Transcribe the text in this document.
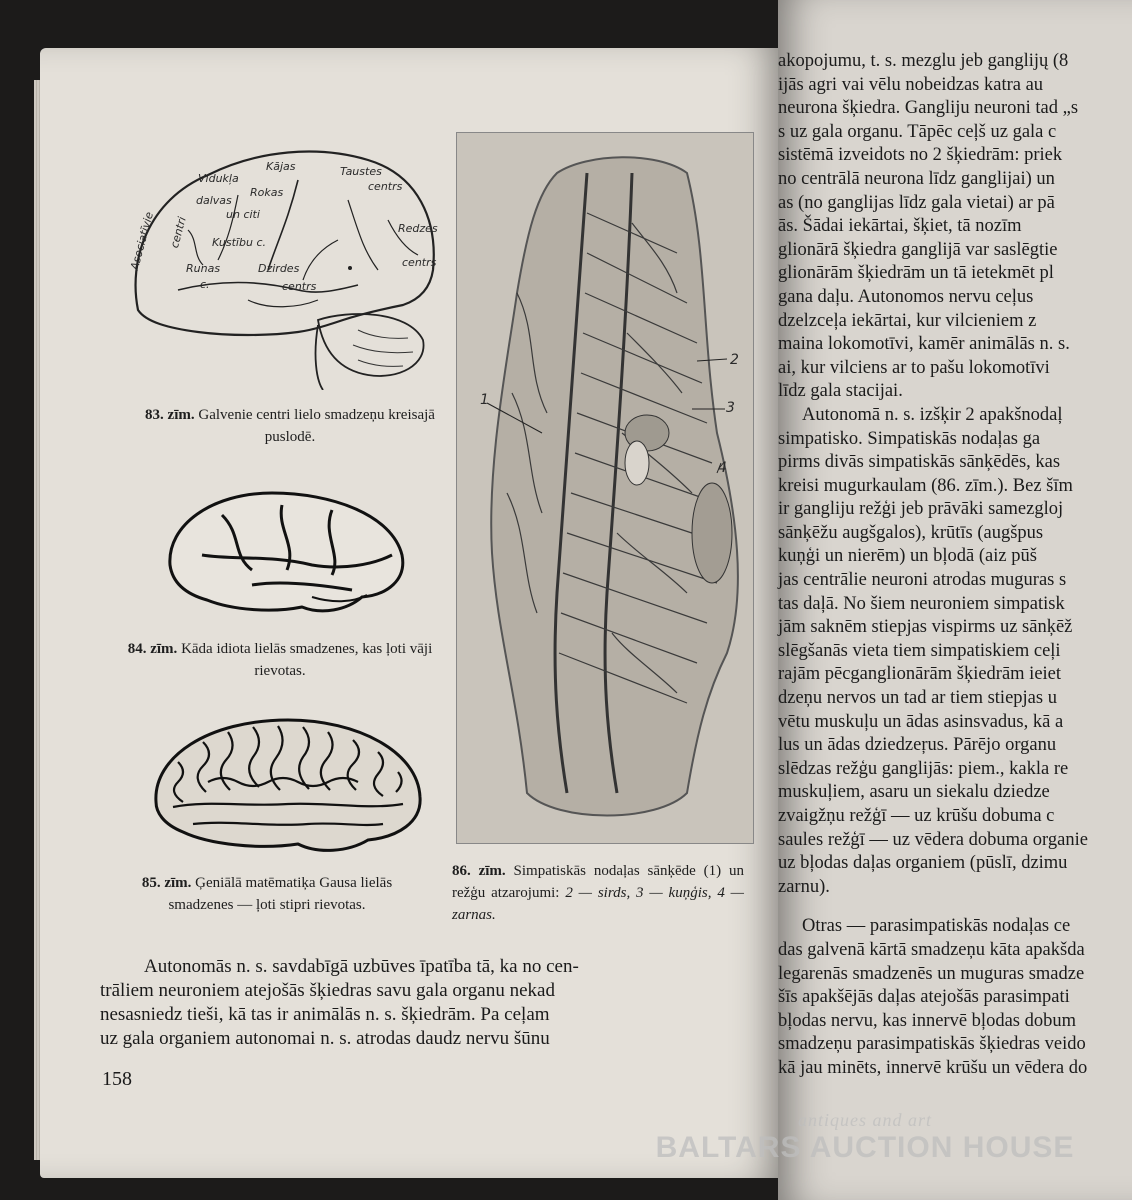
Vidukļa
Kājas	Taustes
centrs
dalvas
Rokas
un citi
Asociatīvie centri Kustību c.
Runas
c.
Dzirdes
centrs
Redzes
centrs
83. zīm. Galvenie centri lielo smadzeņu kreisajā puslodē.
84. zīm. Kāda idiota lielās smadzenes, kas ļoti vāji rievotas.
85. zīm. Ģeniālā matēmatiķa Gausa lielās smadzenes — ļoti stipri rievotas.
1
2
3
4
86. zīm. Simpatiskās nodaļas sānķēde (1) un režģu atzarojumi: 2 — sirds, 3 — kuņģis, 4 — zarnas.

Autonomās n. s. savdabīgā uzbūves īpatība tā, ka no cen-

trāliem neuroniem atejošās šķiedras savu gala organu nekad

nesasniedz tieši, kā tas ir animālās n. s. šķiedrām. Pa ceļam

uz gala organiem autonomai n. s. atrodas daudz nervu šūnu

158
akopojumu, t. s. mezglu jeb ganglijų (8
ijās agri vai vēlu nobeidzas katra au
neurona šķiedra. Gangliju neuroni tad „s
s uz gala organu. Tāpēc ceļš uz gala c
sistēmā izveidots no 2 šķiedrām: priek
no centrālā neurona līdz ganglijai) un
as (no ganglijas līdz gala vietai) ar pā
ās. Šādai iekārtai, šķiet, tā nozīm
glionārā šķiedra ganglijā var saslēgtie
glionārām šķiedrām un tā ietekmēt pl
gana daļu. Autonomos nervu ceļus
dzelzceļa iekārtai, kur vilcieniem z
maina lokomotīvi, kamēr animālās n. s.
ai, kur vilciens ar to pašu lokomotīvi
līdz gala stacijai.
Autonomā n. s. izšķir 2 apakšnodaļ
simpatisko. Simpatiskās nodaļas ga
pirms divās simpatiskās sānķēdēs, kas
kreisi mugurkaulam (86. zīm.). Bez šīm
ir gangliju režģi jeb prāvāki samezgloj
sānķēžu augšgalos), krūtīs (augšpus
kuņģi un nierēm) un bļodā (aiz pūš
jas centrālie neuroni atrodas muguras s
tas daļā. No šiem neuroniem simpatisk
jām saknēm stiepjas vispirms uz sānķēž
slēgšanās vieta tiem simpatiskiem ceļi
rajām pēcganglionārām šķiedrām ieiet
dzeņu nervos un tad ar tiem stiepjas u
vētu muskuļu un ādas asinsvadus, kā a
lus un ādas dziedzeŗus. Pārējo organu
slēdzas režģu ganglijās: piem., kakla re
muskuļiem, asaru un siekalu dziedze
zvaigžņu režģī — uz krūšu dobuma c
saules režģī — uz vēdera dobuma organie
uz bļodas daļas organiem (pūslī, dzimu
zarnu).
Otras — parasimpatiskās nodaļas ce
das galvenā kārtā smadzeņu kāta apakšda
legarenās smadzenēs un muguras smadze
šīs apakšējās daļas atejošās parasimpati
bļodas nervu, kas innervē bļodas dobum
smadzeņu parasimpatiskās šķiedras veido
kā jau minēts, innervē krūšu un vēdera do
antiques and art
BALTARS AUCTION HOUSE
